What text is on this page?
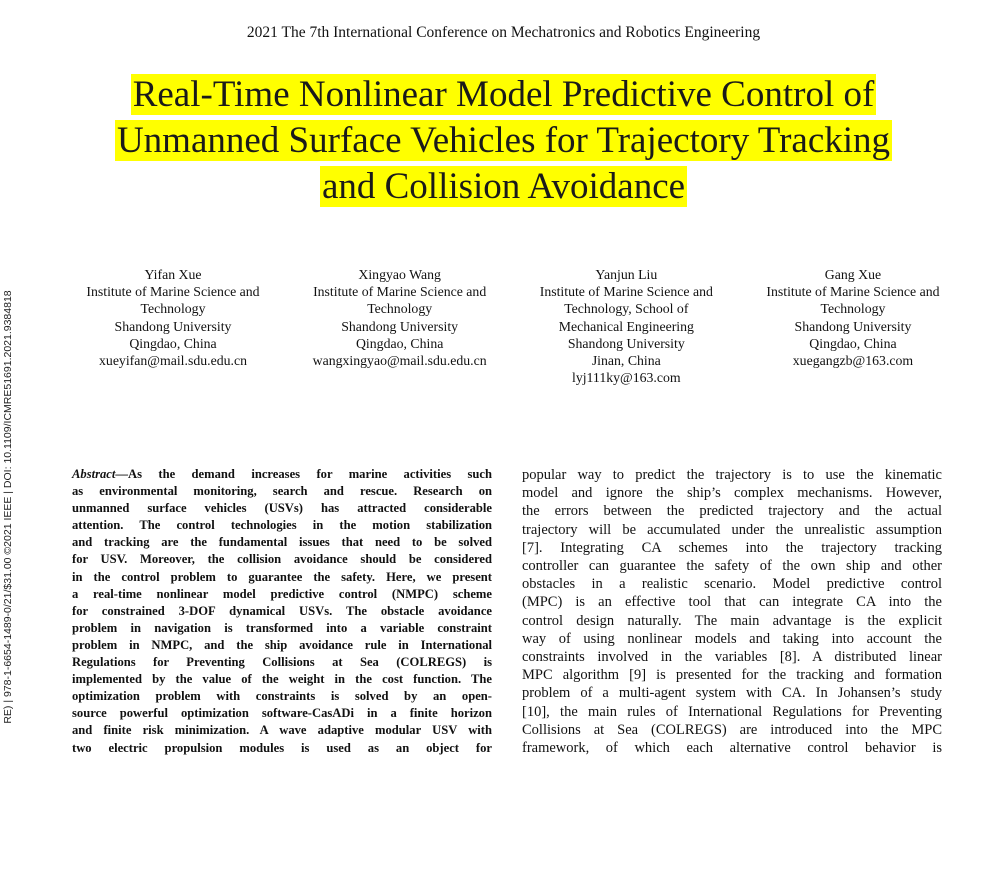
RE) | 978-1-6654-1489-0/21/$31.00 ©2021 IEEE | DOI: 10.1109/ICMRE51691.2021.9384818
2021 The 7th International Conference on Mechatronics and Robotics Engineering
Real-Time Nonlinear Model Predictive Control of
Unmanned Surface Vehicles for Trajectory Tracking
and Collision Avoidance
Yifan Xue
Institute of Marine Science and
Technology
Shandong University
Qingdao, China
xueyifan@mail.sdu.edu.cn
Xingyao Wang
Institute of Marine Science and
Technology
Shandong University
Qingdao, China
wangxingyao@mail.sdu.edu.cn
Yanjun Liu
Institute of Marine Science and
Technology, School of
Mechanical Engineering
Shandong University
Jinan, China
lyj111ky@163.com
Gang Xue
Institute of Marine Science and
Technology
Shandong University
Qingdao, China
xuegangzb@163.com
Abstract—As the demand increases for marine activities such
as environmental monitoring, search and rescue. Research on
unmanned surface vehicles (USVs) has attracted considerable
attention. The control technologies in the motion stabilization
and tracking are the fundamental issues that need to be solved
for USV. Moreover, the collision avoidance should be considered
in the control problem to guarantee the safety. Here, we present
a real-time nonlinear model predictive control (NMPC) scheme
for constrained 3-DOF dynamical USVs. The obstacle avoidance
problem in navigation is transformed into a variable constraint
problem in NMPC, and the ship avoidance rule in International
Regulations for Preventing Collisions at Sea (COLREGS) is
implemented by the value of the weight in the cost function. The
optimization problem with constraints is solved by an open-
source powerful optimization software-CasADi in a finite horizon
and finite risk minimization. A wave adaptive modular USV with
two electric propulsion modules is used as an object for
popular way to predict the trajectory is to use the kinematic
model and ignore the ship’s complex mechanisms. However,
the errors between the predicted trajectory and the actual
trajectory will be accumulated under the unrealistic assumption
[7]. Integrating CA schemes into the trajectory tracking
controller can guarantee the safety of the own ship and other
obstacles in a realistic scenario. Model predictive control
(MPC) is an effective tool that can integrate CA into the
control design naturally. The main advantage is the explicit
way of using nonlinear models and taking into account the
constraints involved in the variables [8]. A distributed linear
MPC algorithm [9] is presented for the tracking and formation
problem of a multi-agent system with CA. In Johansen’s study
[10], the main rules of International Regulations for Preventing
Collisions at Sea (COLREGS) are introduced into the MPC
framework, of which each alternative control behavior is
